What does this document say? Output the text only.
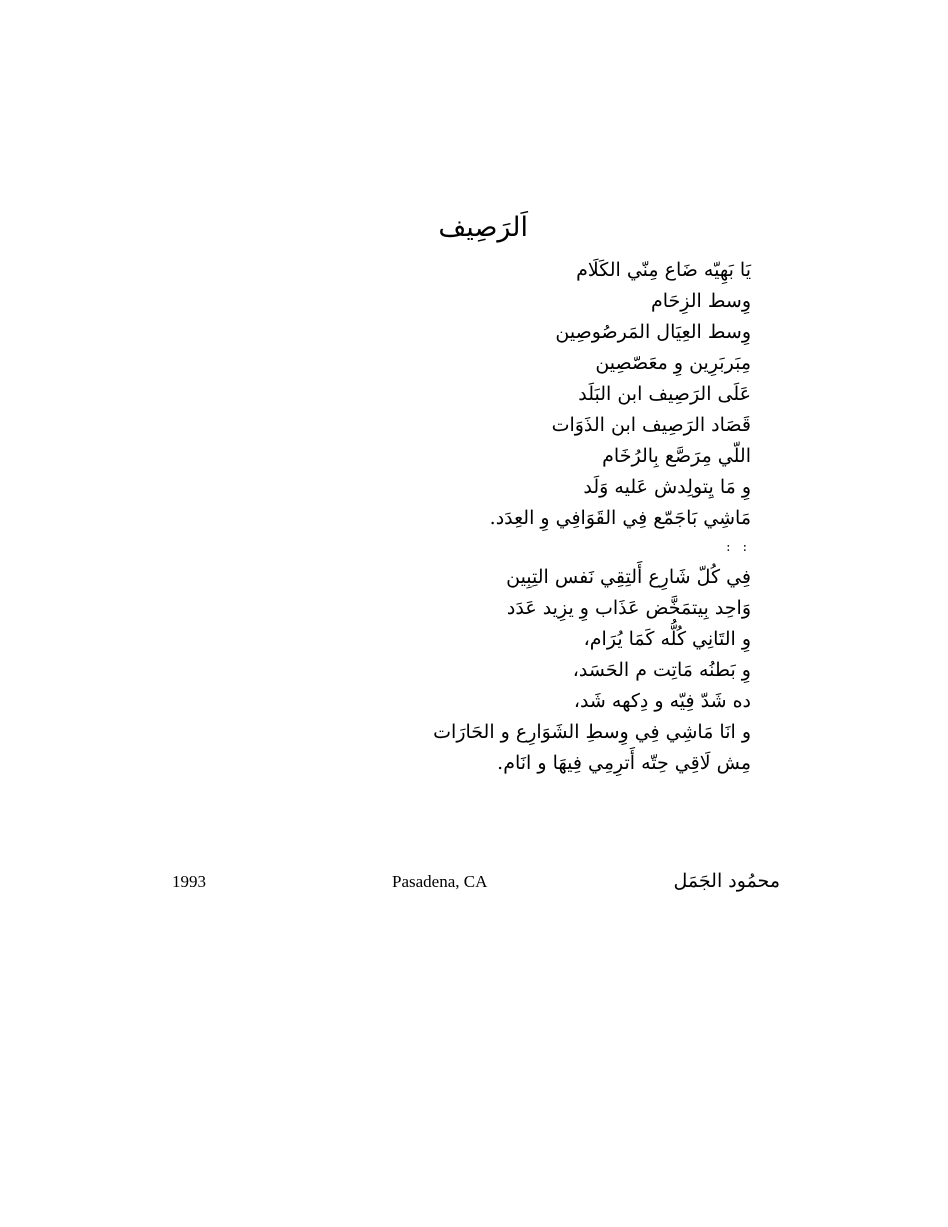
اَلرَصِيف
يَا بَهِيّه ضَاع مِنّي الكَلَام
وِسط الزِحَام
وِسط العِيَال المَرصُوصِين
مِبَربَرِين وِ معَصّصِين
عَلَى الرَصِيف ابن البَلَد
قَصَاد الرَصِيف ابن الذَوَات
اللّي مِرَصَّع بِالرُخَام
وِ مَا يِتولِدش عَليه وَلَد
مَاشِي بَاجَمّع فِي القَوَافِي وِ العِدَد.
: :
فِي كُلّ شَارِع أَلتِقِي نَفس التِبِين
وَاحِد بِيتمَخَّض عَذَاب وِ يزِيد عَدَد
وِ التَانِي كُلُّه كَمَا يُرَام،
وِ بَطنُه مَاتِت م الحَسَد،
ده شَدّ فِيّه و دِكهه شَد،
و انَا مَاشِي فِي وِسطِ الشَوَارِع و الحَارَات
مِش لَاقِي حِتّه أَترِمِي فِيهَا و انَام.
1993	Pasadena, CA	محمُود الجَمَل
